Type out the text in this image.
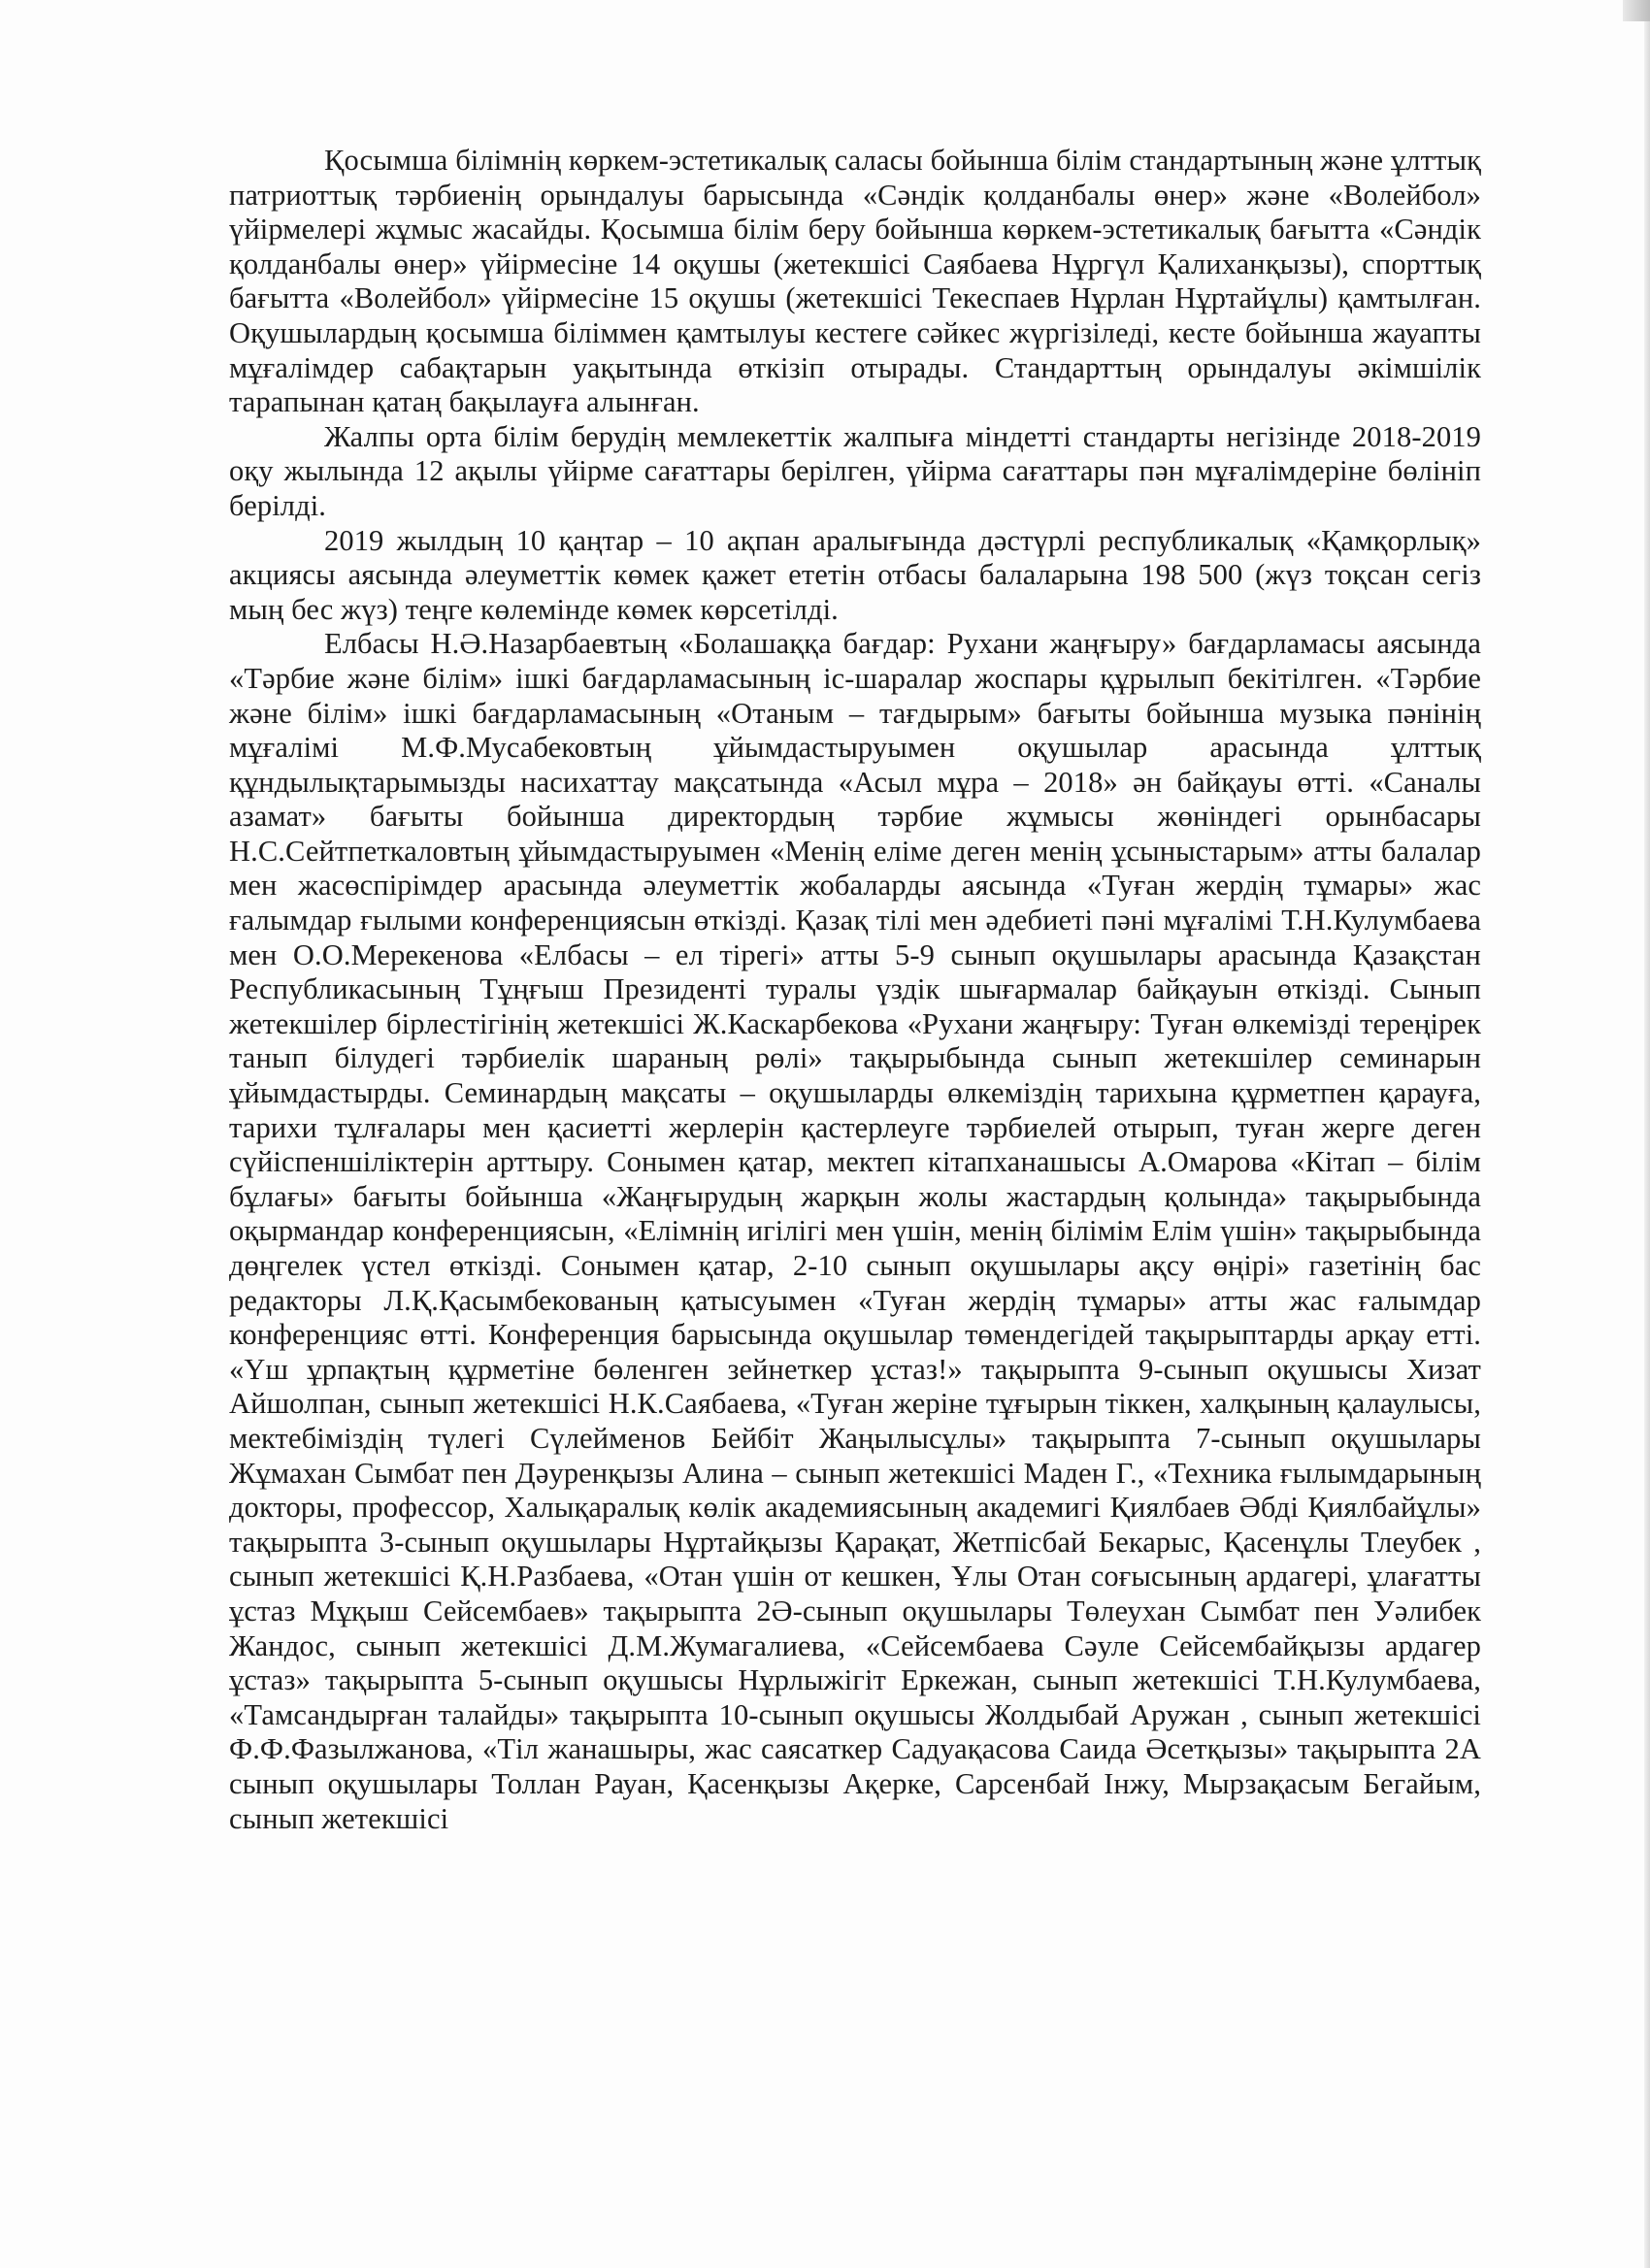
Қосымша білімнің көркем-эстетикалық саласы бойынша білім стандартының және ұлттық патриоттық тәрбиенің орындалуы барысында «Сәндік қолданбалы өнер» және «Волейбол» үйірмелері жұмыс жасайды. Қосымша білім беру бойынша көркем-эстетикалық бағытта «Сәндік қолданбалы өнер» үйірмесіне 14 оқушы (жетекшісі Саябаева Нұргүл Қалиханқызы), спорттық бағытта «Волейбол» үйірмесіне 15 оқушы (жетекшісі Текеспаев Нұрлан Нұртайұлы) қамтылған. Оқушылардың қосымша біліммен қамтылуы кестеге сәйкес жүргізіледі, кесте бойынша жауапты мұғалімдер сабақтарын уақытында өткізіп отырады. Стандарттың орындалуы әкімшілік тарапынан қатаң бақылауға алынған.

Жалпы орта білім берудің мемлекеттік жалпыға міндетті стандарты негізінде 2018-2019 оқу жылында 12 ақылы үйірме сағаттары берілген, үйірма сағаттары пән мұғалімдеріне бөлініп берілді.

2019 жылдың 10 қаңтар – 10 ақпан аралығында дәстүрлі республикалық «Қамқорлық» акциясы аясында әлеуметтік көмек қажет ететін отбасы балаларына 198 500 (жүз тоқсан сегіз мың бес жүз) теңге көлемінде көмек көрсетілді.

Елбасы Н.Ә.Назарбаевтың «Болашаққа бағдар: Рухани жаңғыру» бағдарламасы аясында «Тәрбие және білім» ішкі бағдарламасының іс-шаралар жоспары құрылып бекітілген. «Тәрбие және білім» ішкі бағдарламасының «Отаным – тағдырым» бағыты бойынша музыка пәнінің мұғалімі М.Ф.Мусабековтың ұйымдастыруымен оқушылар арасында ұлттық құндылықтарымызды насихаттау мақсатында «Асыл мұра – 2018» ән байқауы өтті. «Саналы азамат» бағыты бойынша директордың тәрбие жұмысы жөніндегі орынбасары Н.С.Сейтпеткаловтың ұйымдастыруымен «Менің еліме деген менің ұсыныстарым» атты балалар мен жасөспірімдер арасында әлеуметтік жобаларды аясында «Туған жердің тұмары» жас ғалымдар ғылыми конференциясын өткізді. Қазақ тілі мен әдебиеті пәні мұғалімі Т.Н.Кулумбаева мен О.О.Мерекенова «Елбасы – ел тірегі» атты 5-9 сынып оқушылары арасында Қазақстан Республикасының Тұңғыш Президенті туралы үздік шығармалар байқауын өткізді. Сынып жетекшілер бірлестігінің жетекшісі Ж.Каскарбекова «Рухани жаңғыру: Туған өлкемізді тереңірек танып білудегі тәрбиелік шараның рөлі» тақырыбында сынып жетекшілер семинарын ұйымдастырды. Семинардың мақсаты – оқушыларды өлкеміздің тарихына құрметпен қарауға, тарихи тұлғалары мен қасиетті жерлерін қастерлеуге тәрбиелей отырып, туған жерге деген сүйіспеншіліктерін арттыру. Сонымен қатар, мектеп кітапханашысы А.Омарова «Кітап – білім бұлағы» бағыты бойынша «Жаңғырудың жарқын жолы жастардың қолында» тақырыбында оқырмандар конференциясын, «Елімнің игілігі мен үшін, менің білімім Елім үшін» тақырыбында дөңгелек үстел өткізді. Сонымен қатар, 2-10 сынып оқушылары ақсу өңірі» газетінің бас редакторы Л.Қ.Қасымбекованың қатысуымен «Туған жердің тұмары» атты жас ғалымдар конференцияс өтті. Конференция барысында оқушылар төмендегідей тақырыптарды арқау етті. «Үш ұрпақтың құрметіне бөленген зейнеткер ұстаз!» тақырыпта 9-сынып оқушысы Хизат Айшолпан, сынып жетекшісі Н.К.Саябаева, «Туған жеріне тұғырын тіккен, халқының қалаулысы, мектебіміздің түлегі Сүлейменов Бейбіт Жаңылысұлы» тақырыпта 7-сынып оқушылары Жұмахан Сымбат пен Дәуренқызы Алина – сынып жетекшісі Маден Г., «Техника ғылымдарының докторы, профессор, Халықаралық көлік академиясының академигі Қиялбаев Әбді Қиялбайұлы» тақырыпта 3-сынып оқушылары Нұртайқызы Қарақат, Жетпісбай Бекарыс, Қасенұлы Тлеубек , сынып жетекшісі Қ.Н.Разбаева, «Отан үшін от кешкен, Ұлы Отан соғысының ардагері, ұлағатты ұстаз Мұқыш Сейсембаев» тақырыпта 2Ә-сынып оқушылары Төлеухан Сымбат пен Уәлибек Жандос, сынып жетекшісі Д.М.Жумагалиева, «Сейсембаева Сәуле Сейсембайқызы ардагер ұстаз» тақырыпта 5-сынып оқушысы Нұрлыжігіт Еркежан, сынып жетекшісі Т.Н.Кулумбаева, «Тамсандырған талайды» тақырыпта 10-сынып оқушысы Жолдыбай Аружан , сынып жетекшісі Ф.Ф.Фазылжанова, «Тіл жанашыры, жас саясаткер Садуақасова Саида Әсетқызы» тақырыпта 2А сынып оқушылары Толлан Рауан, Қасенқызы Ақерке, Сарсенбай Інжу, Мырзақасым Бегайым, сынып жетекшісі
